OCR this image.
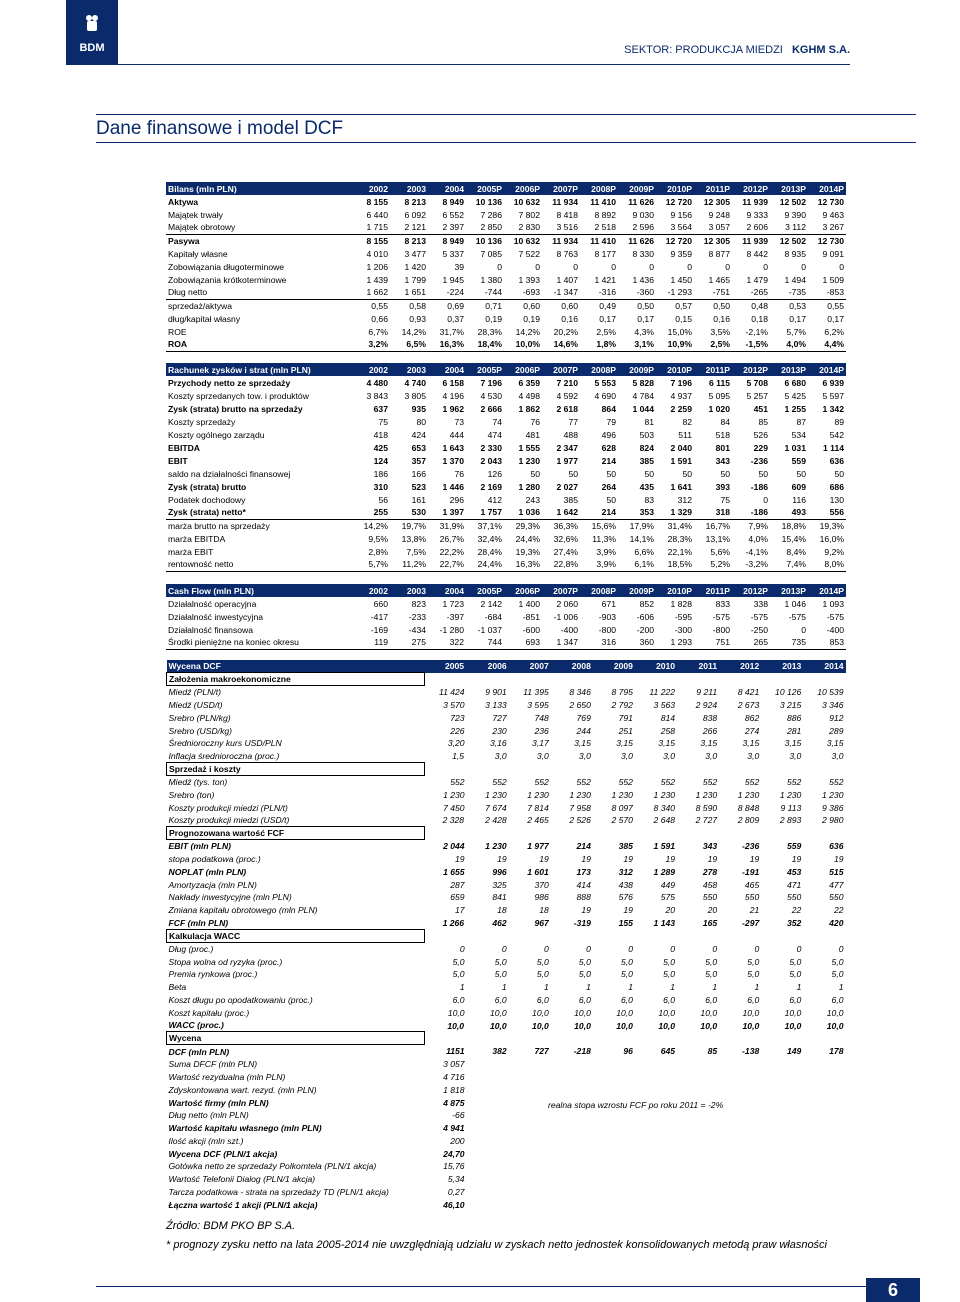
BDM	SEKTOR: PRODUKCJA MIEDZI KGHM S.A.
Dane finansowe i model DCF
Bilans (mln PLN)	2002	2003	2004	2005P	2006P	2007P	2008P	2009P	2010P	2011P	2012P	2013P	2014P
Aktywa	8 155	8 213	8 949	10 136	10 632	11 934	11 410	11 626	12 720	12 305	11 939	12 502	12 730
Majątek trwały	6 440	6 092	6 552	7 286	7 802	8 418	8 892	9 030	9 156	9 248	9 333	9 390	9 463
Majątek obrotowy	1 715	2 121	2 397	2 850	2 830	3 516	2 518	2 596	3 564	3 057	2 606	3 112	3 267
Pasywa	8 155	8 213	8 949	10 136	10 632	11 934	11 410	11 626	12 720	12 305	11 939	12 502	12 730
Kapitały własne	4 010	3 477	5 337	7 085	7 522	8 763	8 177	8 330	9 359	8 877	8 442	8 935	9 091
Zobowiązania długoterminowe	1 206	1 420	39	0	0	0	0	0	0	0	0	0	0
Zobowiązania krótkoterminowe	1 439	1 799	1 945	1 380	1 393	1 407	1 421	1 436	1 450	1 465	1 479	1 494	1 509
Dług netto	1 662	1 651	-224	-744	-693	-1 347	-316	-360	-1 293	-751	-265	-735	-853
sprzedaż/aktywa	0,55	0,58	0,69	0,71	0,60	0,60	0,49	0,50	0,57	0,50	0,48	0,53	0,55
dług/kapitał własny	0,66	0,93	0,37	0,19	0,19	0,16	0,17	0,17	0,15	0,16	0,18	0,17	0,17
ROE	6,7%	14,2%	31,7%	28,3%	14,2%	20,2%	2,5%	4,3%	15,0%	3,5%	-2,1%	5,7%	6,2%
ROA	3,2%	6,5%	16,3%	18,4%	10,0%	14,6%	1,8%	3,1%	10,9%	2,5%	-1,5%	4,0%	4,4%
Rachunek zysków i strat (mln PLN)	2002	2003	2004	2005P	2006P	2007P	2008P	2009P	2010P	2011P	2012P	2013P	2014P
Przychody netto ze sprzedaży	4 480	4 740	6 158	7 196	6 359	7 210	5 553	5 828	7 196	6 115	5 708	6 680	6 939
Koszty sprzedanych tow. i produktów	3 843	3 805	4 196	4 530	4 498	4 592	4 690	4 784	4 937	5 095	5 257	5 425	5 597
Zysk (strata) brutto na sprzedaży	637	935	1 962	2 666	1 862	2 618	864	1 044	2 259	1 020	451	1 255	1 342
Koszty sprzedaży	75	80	73	74	76	77	79	81	82	84	85	87	89
Koszty ogólnego zarządu	418	424	444	474	481	488	496	503	511	518	526	534	542
EBITDA	425	653	1 643	2 330	1 555	2 347	628	824	2 040	801	229	1 031	1 114
EBIT	124	357	1 370	2 043	1 230	1 977	214	385	1 591	343	-236	559	636
saldo na działalności finansowej	186	166	76	126	50	50	50	50	50	50	50	50	50
Zysk (strata) brutto	310	523	1 446	2 169	1 280	2 027	264	435	1 641	393	-186	609	686
Podatek dochodowy	56	161	296	412	243	385	50	83	312	75	0	116	130
Zysk (strata) netto*	255	530	1 397	1 757	1 036	1 642	214	353	1 329	318	-186	493	556
marża brutto na sprzedaży	14,2%	19,7%	31,9%	37,1%	29,3%	36,3%	15,6%	17,9%	31,4%	16,7%	7,9%	18,8%	19,3%
marża EBITDA	9,5%	13,8%	26,7%	32,4%	24,4%	32,6%	11,3%	14,1%	28,3%	13,1%	4,0%	15,4%	16,0%
marża EBIT	2,8%	7,5%	22,2%	28,4%	19,3%	27,4%	3,9%	6,6%	22,1%	5,6%	-4,1%	8,4%	9,2%
rentowność netto	5,7%	11,2%	22,7%	24,4%	16,3%	22,8%	3,9%	6,1%	18,5%	5,2%	-3,2%	7,4%	8,0%
Cash Flow (mln PLN)	2002	2003	2004	2005P	2006P	2007P	2008P	2009P	2010P	2011P	2012P	2013P	2014P
Działalność operacyjna	660	823	1 723	2 142	1 400	2 060	671	852	1 828	833	338	1 046	1 093
Działalność inwestycyjna	-417	-233	-397	-684	-851	-1 006	-903	-606	-595	-575	-575	-575	-575
Działalność finansowa	-169	-434	-1 280	-1 037	-600	-400	-800	-200	-300	-800	-250	0	-400
Środki pieniężne na koniec okresu	119	275	322	744	693	1 347	316	360	1 293	751	265	735	853
Wycena DCF	2005	2006	2007	2008	2009	2010	2011	2012	2013	2014
Założenia makroekonomiczne										
Miedź (PLN/t)	11 424	9 901	11 395	8 346	8 795	11 222	9 211	8 421	10 126	10 539
Miedź (USD/t)	3 570	3 133	3 595	2 650	2 792	3 563	2 924	2 673	3 215	3 346
Srebro (PLN/kg)	723	727	748	769	791	814	838	862	886	912
Srebro (USD/kg)	226	230	236	244	251	258	266	274	281	289
Średnioroczny kurs USD/PLN	3,20	3,16	3,17	3,15	3,15	3,15	3,15	3,15	3,15	3,15
Inflacja średnioroczna (proc.)	1,5	3,0	3,0	3,0	3,0	3,0	3,0	3,0	3,0	3,0
Sprzedaż i koszty										
Miedź (tys. ton)	552	552	552	552	552	552	552	552	552	552
Srebro (ton)	1 230	1 230	1 230	1 230	1 230	1 230	1 230	1 230	1 230	1 230
Koszty produkcji miedzi (PLN/t)	7 450	7 674	7 814	7 958	8 097	8 340	8 590	8 848	9 113	9 386
Koszty produkcji miedzi (USD/t)	2 328	2 428	2 465	2 526	2 570	2 648	2 727	2 809	2 893	2 980
Prognozowana wartość FCF										
EBIT (mln PLN)	2 044	1 230	1 977	214	385	1 591	343	-236	559	636
stopa podatkowa (proc.)	19	19	19	19	19	19	19	19	19	19
NOPLAT (mln PLN)	1 655	996	1 601	173	312	1 289	278	-191	453	515
Amortyzacja (mln PLN)	287	325	370	414	438	449	458	465	471	477
Nakłady inwestycyjne (mln PLN)	659	841	986	888	576	575	550	550	550	550
Zmiana kapitału obrotowego (mln PLN)	17	18	18	19	19	20	20	21	22	22
FCF (mln PLN)	1 266	462	967	-319	155	1 143	165	-297	352	420
Kalkulacja WACC										
Dług (proc.)	0	0	0	0	0	0	0	0	0	0
Stopa wolna od ryzyka (proc.)	5,0	5,0	5,0	5,0	5,0	5,0	5,0	5,0	5,0	5,0
Premia rynkowa (proc.)	5,0	5,0	5,0	5,0	5,0	5,0	5,0	5,0	5,0	5,0
Beta	1	1	1	1	1	1	1	1	1	1
Koszt długu po opodatkowaniu (proc.)	6,0	6,0	6,0	6,0	6,0	6,0	6,0	6,0	6,0	6,0
Koszt kapitału (proc.)	10,0	10,0	10,0	10,0	10,0	10,0	10,0	10,0	10,0	10,0
WACC (proc.)	10,0	10,0	10,0	10,0	10,0	10,0	10,0	10,0	10,0	10,0
Wycena										
DCF (mln PLN)	1151	382	727	-218	96	645	85	-138	149	178
Suma DFCF (mln PLN)	3 057									
Wartość rezydualna (mln PLN)	4 716									
Zdyskontowana wart. rezyd. (mln PLN)	1 818									
Wartość firmy (mln PLN)	4 875									
Dług netto (mln PLN)	-66									
Wartość kapitału własnego (mln PLN)	4 941									
Ilość akcji (mln szt.)	200									
Wycena DCF (PLN/1 akcja)	24,70									
Gotówka netto ze sprzedaży Polkomtela (PLN/1 akcja)	15,76									
Wartość Telefonii Dialog (PLN/1 akcja)	5,34									
Tarcza podatkowa - strata na sprzedaży TD (PLN/1 akcja)	0,27									
Łączna wartość 1 akcji (PLN/1 akcja)	46,10									
realna stopa wzrostu FCF po roku 2011 = -2%
Źródło: BDM PKO BP S.A.
* prognozy zysku netto na lata 2005-2014 nie uwzględniają udziału w zyskach netto jednostek konsolidowanych metodą praw własności
6
